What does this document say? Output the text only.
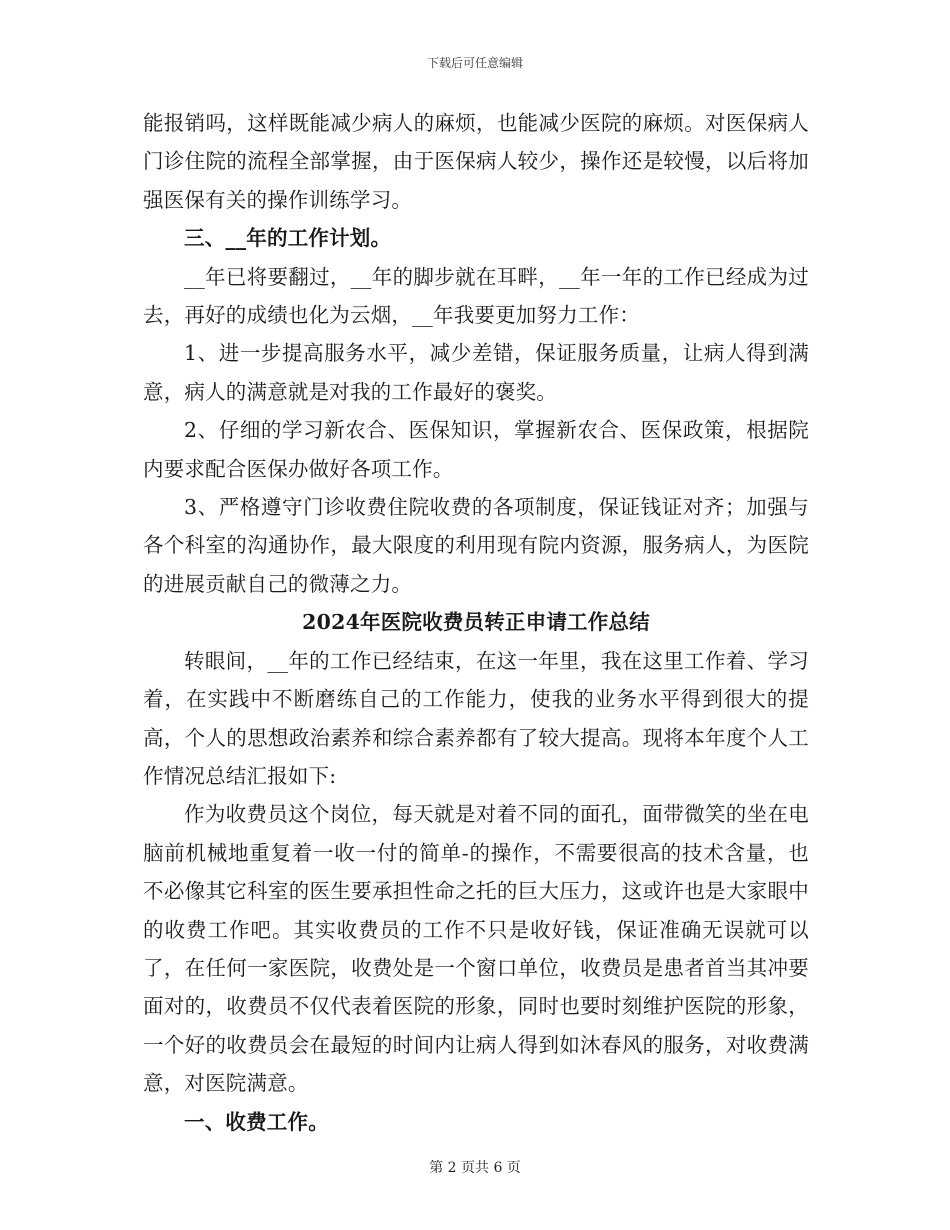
下载后可任意编辑

能报销吗，这样既能减少病人的麻烦，也能减少医院的麻烦。对医保病人门诊住院的流程全部掌握，由于医保病人较少，操作还是较慢，以后将加强医保有关的操作训练学习。

三、__年的工作计划。

__年已将要翻过，__年的脚步就在耳畔，__年一年的工作已经成为过去，再好的成绩也化为云烟，__年我要更加努力工作：

1、进一步提高服务水平，减少差错，保证服务质量，让病人得到满意，病人的满意就是对我的工作最好的褒奖。

2、仔细的学习新农合、医保知识，掌握新农合、医保政策，根据院内要求配合医保办做好各项工作。

3、严格遵守门诊收费住院收费的各项制度，保证钱证对齐；加强与各个科室的沟通协作，最大限度的利用现有院内资源，服务病人，为医院的进展贡献自己的微薄之力。

2024年医院收费员转正申请工作总结

转眼间，__年的工作已经结束，在这一年里，我在这里工作着、学习着，在实践中不断磨练自己的工作能力，使我的业务水平得到很大的提高，个人的思想政治素养和综合素养都有了较大提高。现将本年度个人工作情况总结汇报如下:

作为收费员这个岗位，每天就是对着不同的面孔，面带微笑的坐在电脑前机械地重复着一收一付的简单-的操作，不需要很高的技术含量，也不必像其它科室的医生要承担性命之托的巨大压力，这或许也是大家眼中的收费工作吧。其实收费员的工作不只是收好钱，保证准确无误就可以了，在任何一家医院，收费处是一个窗口单位，收费员是患者首当其冲要面对的，收费员不仅代表着医院的形象，同时也要时刻维护医院的形象，一个好的收费员会在最短的时间内让病人得到如沐春风的服务，对收费满意，对医院满意。

一、收费工作。

第 2 页共 6 页
